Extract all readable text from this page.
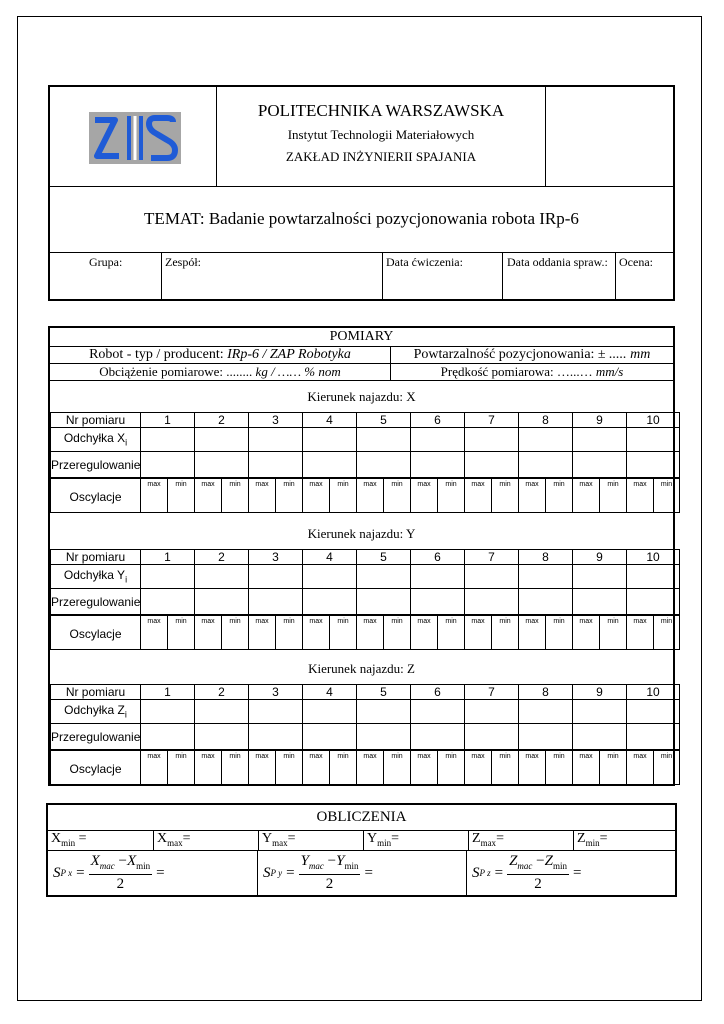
POLITECHNIKA WARSZAWSKA
Instytut Technologii Materiałowych
ZAKŁAD INŻYNIERII SPAJANIA
TEMAT: Badanie powtarzalności pozycjonowania robota IRp-6
Grupa:	Zespół:	Data ćwiczenia:	Data oddania spraw.: Ocena:
POMIARY
Robot - typ / producent: IRp-6 / ZAP Robotyka	Powtarzalność pozycjonowania: ± ..... mm
Obciążenie pomiarowe: ........ kg / …… % nom	Prędkość pomiarowa: …...… mm/s
Kierunek najazdu: X
Nr pomiaru	1	2	3	4	5	6	7	8	9	10
Odchyłka $X_i$										
Przeregulowanie										
Oscylacje	max	min	max	min	max	min	max	min	max	min	max	min	max	min	max	min	max	min	max	min
Kierunek najazdu: Y
Nr pomiaru	1	2	3	4	5	6	7	8	9	10
Odchyłka $Y_i$										
Przeregulowanie										
Oscylacje	max	min	max	min	max	min	max	min	max	min	max	min	max	min	max	min	max	min	max	min
Kierunek najazdu: Z
Nr pomiaru	1	2	3	4	5	6	7	8	9	10
Odchyłka $Z_i$										
Przeregulowanie										
Oscylacje	max	min	max	min	max	min	max	min	max	min	max	min	max	min	max	min	max	min	max	min
OBLICZENIA
$X_{min}$ =	$X_{max}=$	$Y_{max}=$	$Y_{min}=$	$Z_{max}=$	$Z_{min}=$
S P $x = \frac{X_{mac} -X_{min}}{2}$ =	S P $y = \frac{Y_{mac} -Y_{min}}{2}$ =	S P $z = \frac{Z_{mac} -Z_{min}}{2}$ =
